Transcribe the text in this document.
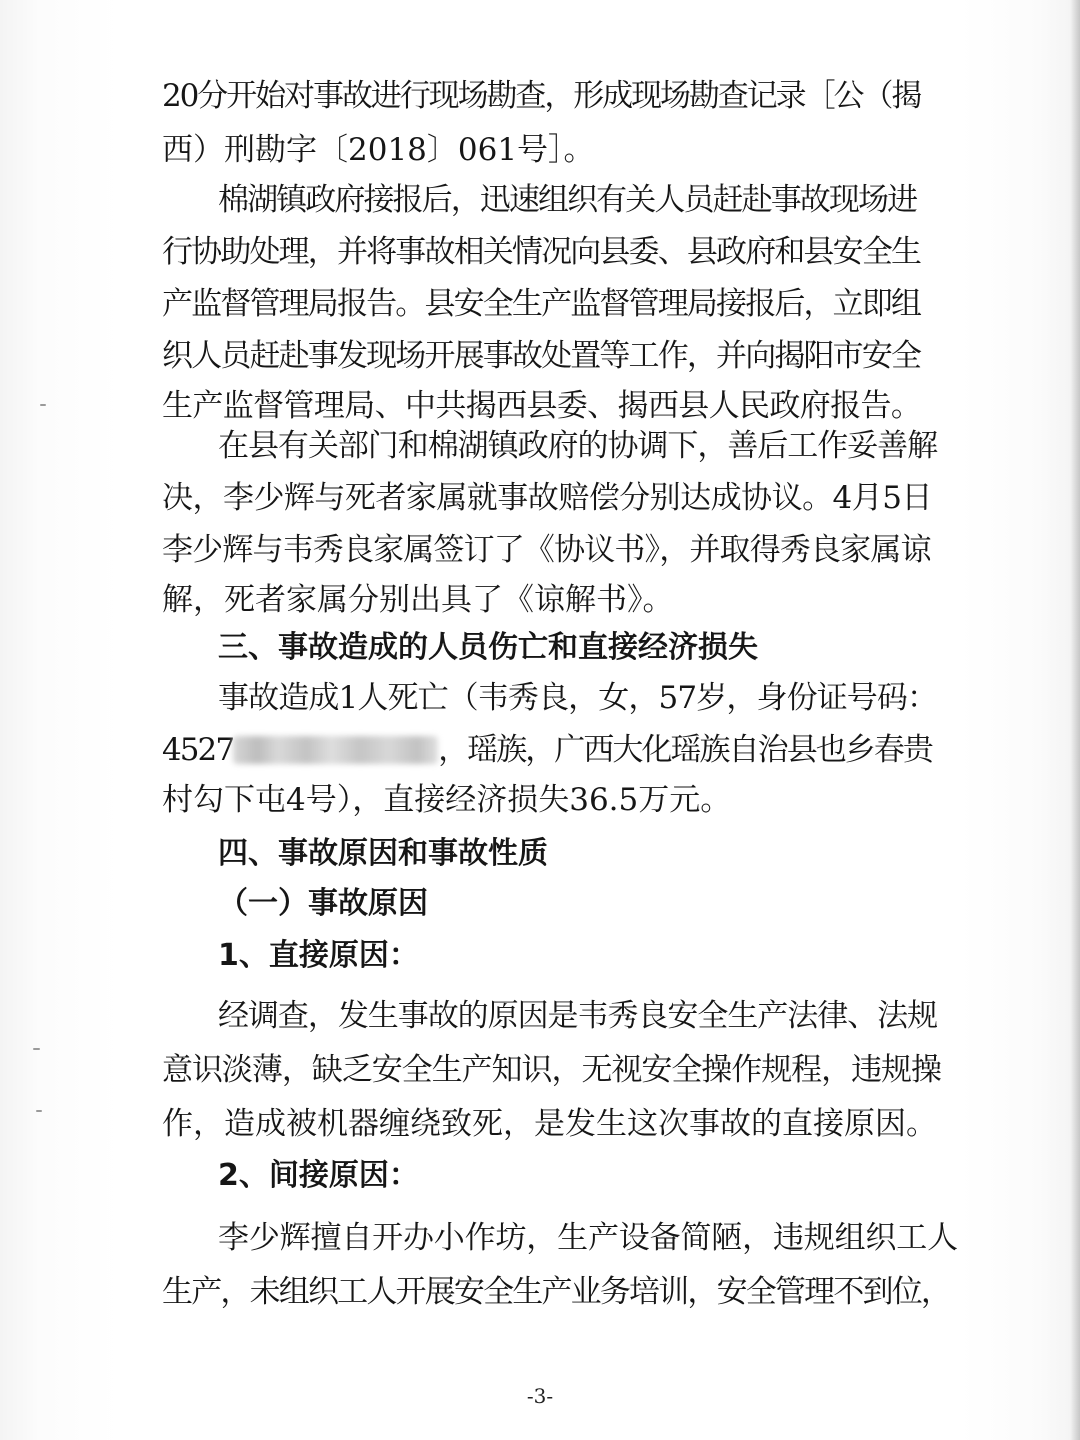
20分开始对事故进行现场勘查，形成现场勘查记录［公（揭

西）刑勘字〔2018〕061号］。

棉湖镇政府接报后，迅速组织有关人员赶赴事故现场进

行协助处理，并将事故相关情况向县委、县政府和县安全生

产监督管理局报告。县安全生产监督管理局接报后，立即组

织人员赶赴事发现场开展事故处置等工作，并向揭阳市安全

生产监督管理局、中共揭西县委、揭西县人民政府报告。

在县有关部门和棉湖镇政府的协调下，善后工作妥善解

决，李少辉与死者家属就事故赔偿分别达成协议。4月5日

李少辉与韦秀良家属签订了《协议书》，并取得秀良家属谅

解，死者家属分别出具了《谅解书》。

三、事故造成的人员伤亡和直接经济损失

事故造成1人死亡（韦秀良，女，57岁，身份证号码：

4527	，瑶族，广西大化瑶族自治县也乡春贵

村勾下屯4号），直接经济损失36.5万元。

四、事故原因和事故性质

（一）事故原因

1、直接原因：

经调查，发生事故的原因是韦秀良安全生产法律、法规

意识淡薄，缺乏安全生产知识，无视安全操作规程，违规操

作，造成被机器缠绕致死，是发生这次事故的直接原因。

2、间接原因：

李少辉擅自开办小作坊，生产设备简陋，违规组织工人

生产，未组织工人开展安全生产业务培训，安全管理不到位，

-3-
